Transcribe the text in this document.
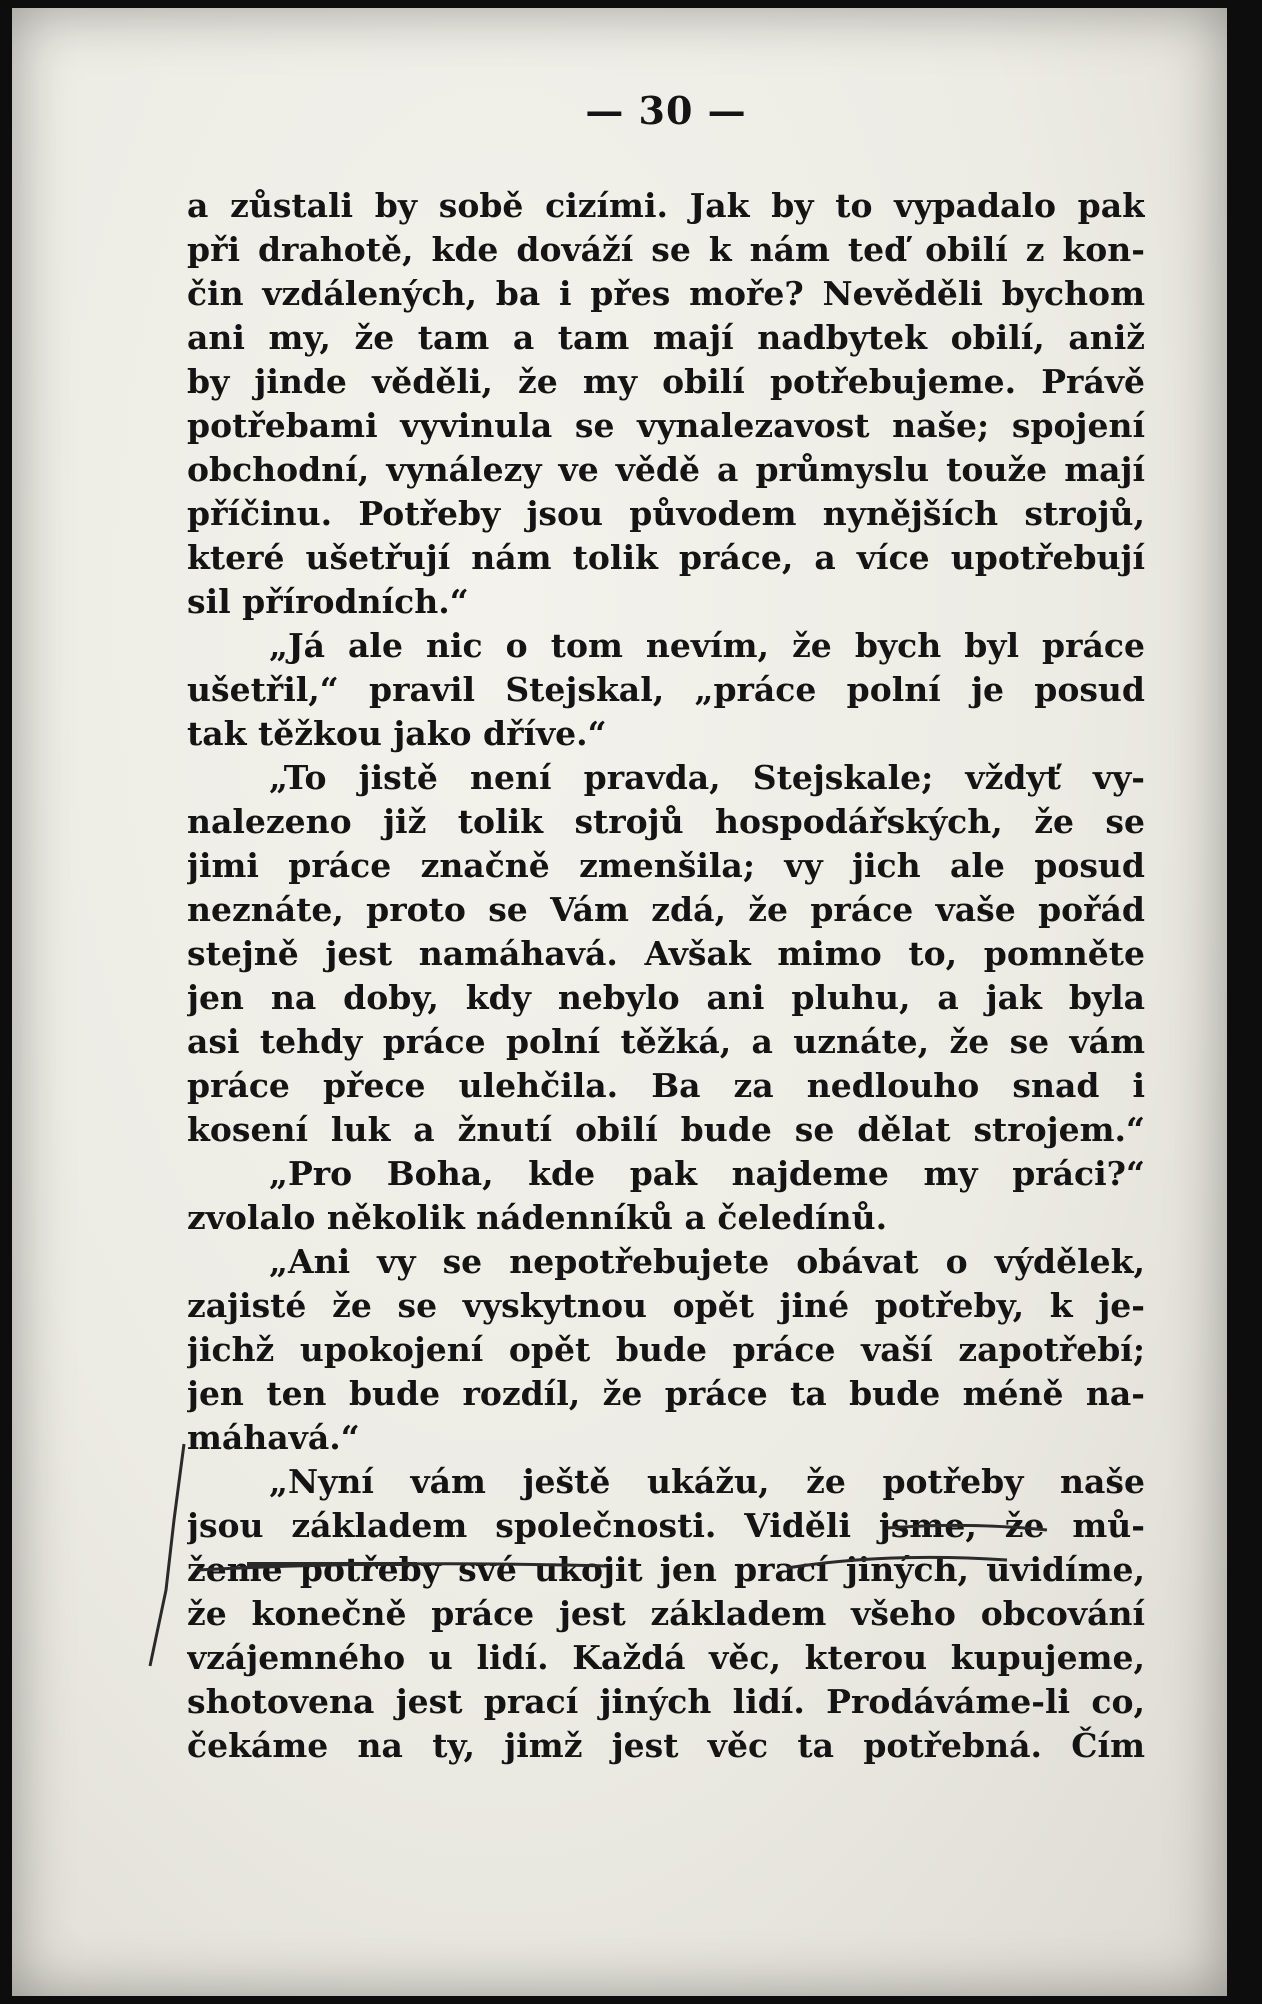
— 30 —
a zůstali by sobě cizími. Jak by to vypadalo pak
při drahotě, kde dováží se k nám teď obilí z kon-
čin vzdálených, ba i přes moře? Nevěděli bychom
ani my, že tam a tam mají nadbytek obilí, aniž
by jinde věděli, že my obilí potřebujeme. Právě
potřebami vyvinula se vynalezavost naše; spojení
obchodní, vynálezy ve vědě a průmyslu touže mají
příčinu. Potřeby jsou původem nynějších strojů,
které ušetřují nám tolik práce, a více upotřebují
sil přírodních.“
„Já ale nic o tom nevím, že bych byl práce
ušetřil,“ pravil Stejskal, „práce polní je posud
tak těžkou jako dříve.“
„To jistě není pravda, Stejskale; vždyť vy-
nalezeno již tolik strojů hospodářských, že se
jimi práce značně zmenšila; vy jich ale posud
neznáte, proto se Vám zdá, že práce vaše pořád
stejně jest namáhavá. Avšak mimo to, pomněte
jen na doby, kdy nebylo ani pluhu, a jak byla
asi tehdy práce polní těžká, a uznáte, že se vám
práce přece ulehčila. Ba za nedlouho snad i
kosení luk a žnutí obilí bude se dělat strojem.“
„Pro Boha, kde pak najdeme my práci?“
zvolalo několik nádenníků a čeledínů.
„Ani vy se nepotřebujete obávat o výdělek,
zajisté že se vyskytnou opět jiné potřeby, k je-
jichž upokojení opět bude práce vaší zapotřebí;
jen ten bude rozdíl, že práce ta bude méně na-
máhavá.“
„Nyní vám ještě ukážu, že potřeby naše
jsou základem společnosti. Viděli jsme, že mů-
žeme potřeby své ukojit jen prací jiných, uvidíme,
že konečně práce jest základem všeho obcování
vzájemného u lidí. Každá věc, kterou kupujeme,
shotovena jest prací jiných lidí. Prodáváme-li co,
čekáme na ty, jimž jest věc ta potřebná. Čím
